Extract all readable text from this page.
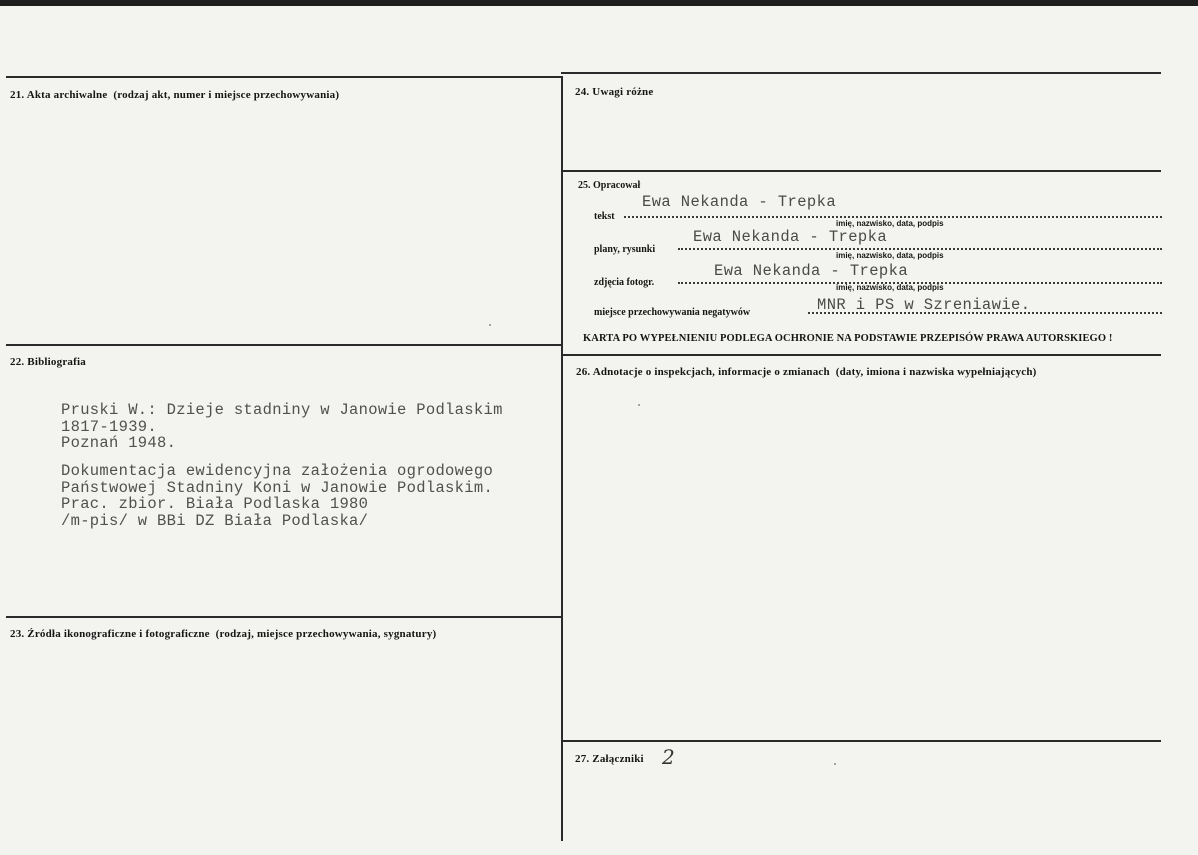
21. Akta archiwalne (rodzaj akt, numer i miejsce przechowywania)
22. Bibliografia
Pruski W.: Dzieje stadniny w Janowie Podlaskim
1817-1939.
Poznań 1948.
Dokumentacja ewidencyjna założenia ogrodowego
Państwowej Stadniny Koni w Janowie Podlaskim.
Prac. zbior. Biała Podlaska 1980
/m-pis/ w BBi DZ Biała Podlaska/
23. Źródła ikonograficzne i fotograficzne (rodzaj, miejsce przechowywania, sygnatury)
24. Uwagi różne
25. Opracował
Ewa Nekanda - Trepka
tekst
imię, nazwisko, data, podpis
Ewa Nekanda - Trepka
plany, rysunki
imię, nazwisko, data, podpis
Ewa Nekanda - Trepka
zdjęcia fotogr.	imię, nazwisko, data, podpis
miejsce przechowywania negatywów	MNR i PS w Szreniawie.
KARTA PO WYPEŁNIENIU PODLEGA OCHRONIE NA PODSTAWIE PRZEPISÓW PRAWA AUTORSKIEGO !
26. Adnotacje o inspekcjach, informacje o zmianach (daty, imiona i nazwiska wypełniających)
27. Załączniki 2
